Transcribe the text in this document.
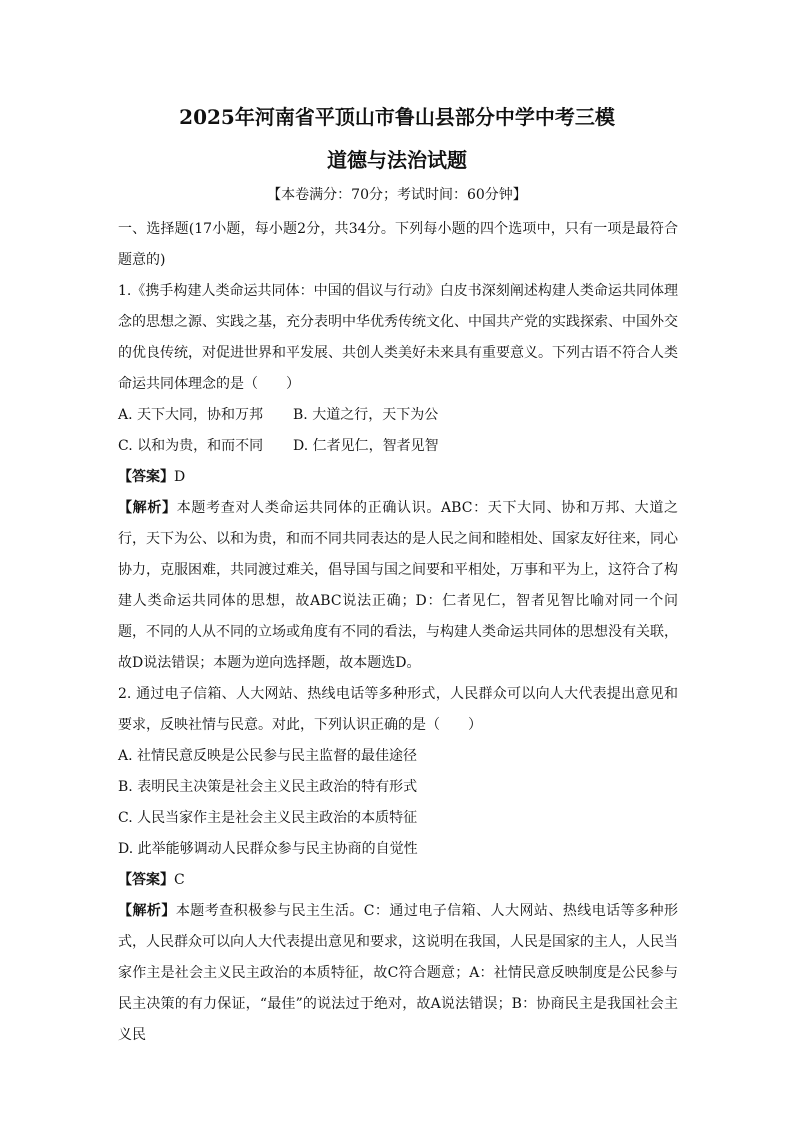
2025年河南省平顶山市鲁山县部分中学中考三模
道德与法治试题
【本卷满分：70分；考试时间：60分钟】

一、选择题(17小题，每小题2分，共34分。下列每小题的四个选项中，只有一项是最符合题意的)

1.《携手构建人类命运共同体：中国的倡议与行动》白皮书深刻阐述构建人类命运共同体理念的思想之源、实践之基，充分表明中华优秀传统文化、中国共产党的实践探索、中国外交的优良传统，对促进世界和平发展、共创人类美好未来具有重要意义。下列古语不符合人类命运共同体理念的是（　　）

A. 天下大同，协和万邦	B. 大道之行，天下为公
C. 以和为贵，和而不同	D. 仁者见仁，智者见智

【答案】D

【解析】本题考查对人类命运共同体的正确认识。ABC：天下大同、协和万邦、大道之行，天下为公、以和为贵，和而不同共同表达的是人民之间和睦相处、国家友好往来，同心协力，克服困难，共同渡过难关，倡导国与国之间要和平相处，万事和平为上，这符合了构建人类命运共同体的思想，故ABC说法正确；D：仁者见仁，智者见智比喻对同一个问题，不同的人从不同的立场或角度有不同的看法，与构建人类命运共同体的思想没有关联，故D说法错误；本题为逆向选择题，故本题选D。

2. 通过电子信箱、人大网站、热线电话等多种形式，人民群众可以向人大代表提出意见和要求，反映社情与民意。对此，下列认识正确的是（　　）

A. 社情民意反映是公民参与民主监督的最佳途径
B. 表明民主决策是社会主义民主政治的特有形式
C. 人民当家作主是社会主义民主政治的本质特征
D. 此举能够调动人民群众参与民主协商的自觉性

【答案】C

【解析】本题考查积极参与民主生活。C：通过电子信箱、人大网站、热线电话等多种形式，人民群众可以向人大代表提出意见和要求，这说明在我国，人民是国家的主人，人民当家作主是社会主义民主政治的本质特征，故C符合题意；A：社情民意反映制度是公民参与民主决策的有力保证，“最佳”的说法过于绝对，故A说法错误；B：协商民主是我国社会主义民
